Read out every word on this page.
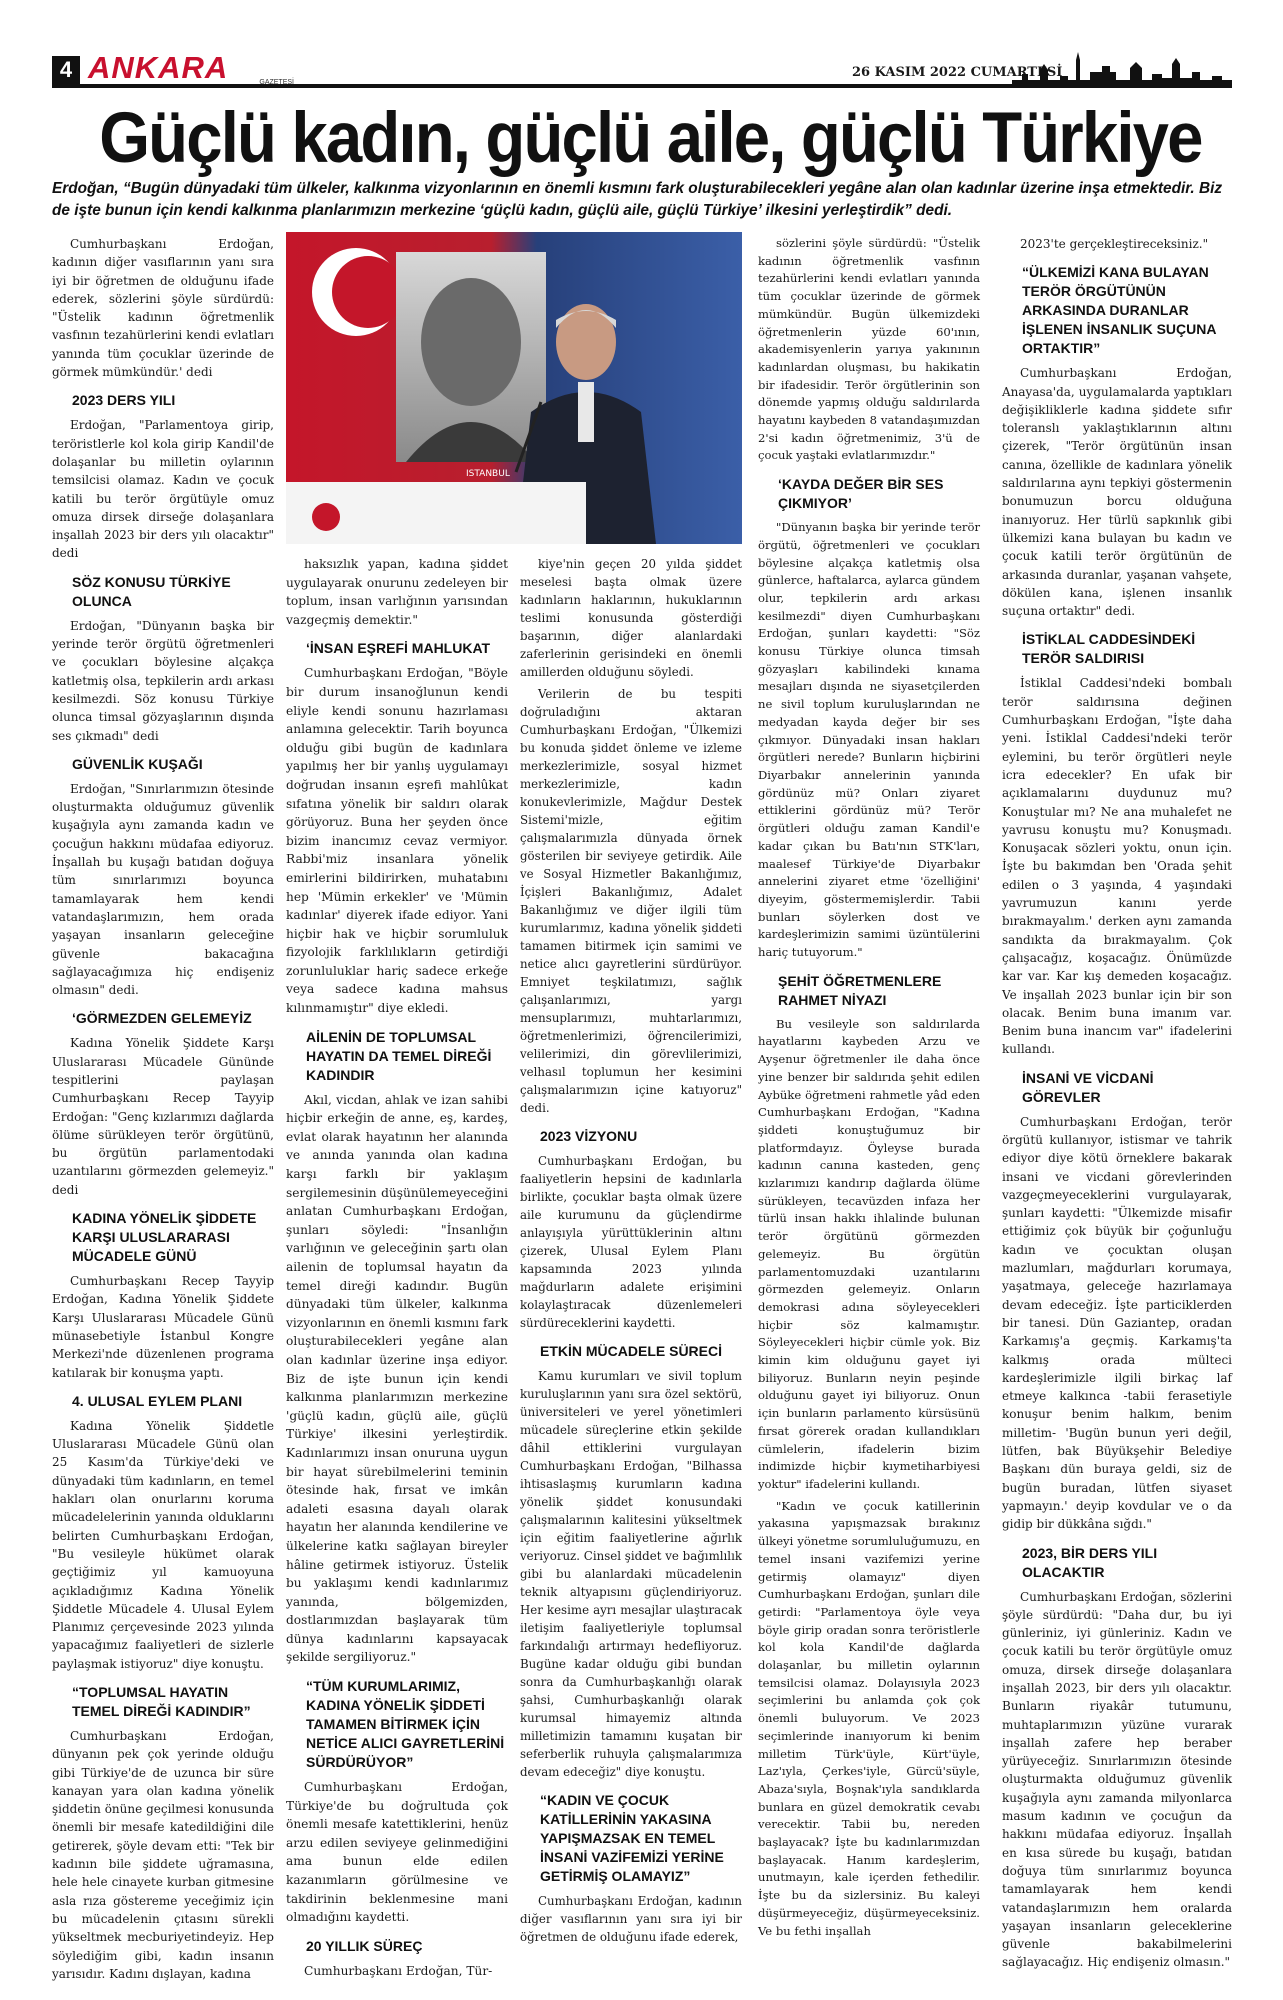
4 ANKARA	GAZETESİ
26 KASIM 2022 CUMARTESİ
Güçlü kadın, güçlü aile, güçlü Türkiye

Erdoğan, “Bugün dünyadaki tüm ülkeler, kalkınma vizyonlarının en önemli kısmını fark oluşturabilecekleri yegâne alan olan kadınlar üzerine inşa etmektedir. Biz de işte bunun için kendi kalkınma planlarımızın merkezine ‘güçlü kadın, güçlü aile, güçlü Türkiye’ ilkesini yerleştirdik” dedi.

ISTANBUL

Cumhurbaşkanı Erdoğan, kadının diğer vasıflarının yanı sıra iyi bir öğretmen de olduğunu ifade ederek, sözlerini şöyle sürdürdü: "Üstelik kadının öğretmenlik vasfının tezahürlerini kendi evlatları yanında tüm çocuklar üzerinde de görmek mümkündür.' dedi

2023 DERS YILI

Erdoğan, "Parlamentoya girip, teröristlerle kol kola girip Kandil'de dolaşanlar bu milletin oylarının temsilcisi olamaz. Kadın ve çocuk katili bu terör örgütüyle omuz omuza dirsek dirseğe dolaşanlara inşallah 2023 bir ders yılı olacaktır" dedi

SÖZ KONUSU TÜRKİYE OLUNCA

Erdoğan, "Dünyanın başka bir yerinde terör örgütü öğretmenleri ve çocukları böylesine alçakça katletmiş olsa, tepkilerin ardı arkası kesilmezdi. Söz konusu Türkiye olunca timsal gözyaşlarının dışında ses çıkmadı" dedi

GÜVENLİK KUŞAĞI

Erdoğan, "Sınırlarımızın ötesinde oluşturmakta olduğumuz güvenlik kuşağıyla aynı zamanda kadın ve çocuğun hakkını müdafaa ediyoruz. İnşallah bu kuşağı batıdan doğuya tüm sınırlarımızı boyunca tamamlayarak hem kendi vatandaşlarımızın, hem orada yaşayan insanların geleceğine güvenle bakacağına sağlayacağımıza hiç endişeniz olmasın" dedi.

‘GÖRMEZDEN GELEMEYİZ

Kadına Yönelik Şiddete Karşı Uluslararası Mücadele Gününde tespitlerini paylaşan Cumhurbaşkanı Recep Tayyip Erdoğan: "Genç kızlarımızı dağlarda ölüme sürükleyen terör örgütünü, bu örgütün parlamentodaki uzantılarını görmezden gelemeyiz." dedi

KADINA YÖNELİK ŞİDDETE KARŞI ULUSLARARASI MÜCADELE GÜNÜ

Cumhurbaşkanı Recep Tayyip Erdoğan, Kadına Yönelik Şiddete Karşı Uluslararası Mücadele Günü münasebetiyle İstanbul Kongre Merkezi'nde düzenlenen programa katılarak bir konuşma yaptı.

4. ULUSAL EYLEM PLANI

Kadına Yönelik Şiddetle Uluslararası Mücadele Günü olan 25 Kasım'da Türkiye'deki ve dünyadaki tüm kadınların, en temel hakları olan onurlarını koruma mücadelelerinin yanında olduklarını belirten Cumhurbaşkanı Erdoğan, "Bu vesileyle hükümet olarak geçtiğimiz yıl kamuoyuna açıkladığımız Kadına Yönelik Şiddetle Mücadele 4. Ulusal Eylem Planımız çerçevesinde 2023 yılında yapacağımız faaliyetleri de sizlerle paylaşmak istiyoruz" diye konuştu.

“TOPLUMSAL HAYATIN TEMEL DİREĞİ KADINDIR”

Cumhurbaşkanı Erdoğan, dünyanın pek çok yerinde olduğu gibi Türkiye'de de uzunca bir süre kanayan yara olan kadına yönelik şiddetin önüne geçilmesi konusunda önemli bir mesafe katedildiğini dile getirerek, şöyle devam etti: "Tek bir kadının bile şiddete uğramasına, hele hele cinayete kurban gitmesine asla rıza göstereme yeceğimiz için bu mücadelenin çıtasını sürekli yükseltmek mecburiyetindeyiz. Hep söylediğim gibi, kadın insanın yarısıdır. Kadını dışlayan, kadına

haksızlık yapan, kadına şiddet uygulayarak onurunu zedeleyen bir toplum, insan varlığının yarısından vazgeçmiş demektir."

‘İNSAN EŞREFİ MAHLUKAT

Cumhurbaşkanı Erdoğan, "Böyle bir durum insanoğlunun kendi eliyle kendi sonunu hazırlaması anlamına gelecektir. Tarih boyunca olduğu gibi bugün de kadınlara yapılmış her bir yanlış uygulamayı doğrudan insanın eşrefi mahlûkat sıfatına yönelik bir saldırı olarak görüyoruz. Buna her şeyden önce bizim inancımız cevaz vermiyor. Rabbi'miz insanlara yönelik emirlerini bildirirken, muhatabını hep 'Mümin erkekler' ve 'Mümin kadınlar' diyerek ifade ediyor. Yani hiçbir hak ve hiçbir sorumluluk fizyolojik farklılıkların getirdiği zorunluluklar hariç sadece erkeğe veya sadece kadına mahsus kılınmamıştır" diye ekledi.

AİLENİN DE TOPLUMSAL HAYATIN DA TEMEL DİREĞİ KADINDIR

Akıl, vicdan, ahlak ve izan sahibi hiçbir erkeğin de anne, eş, kardeş, evlat olarak hayatının her alanında ve anında yanında olan kadına karşı farklı bir yaklaşım sergilemesinin düşünülemeyeceğini anlatan Cumhurbaşkanı Erdoğan, şunları söyledi: "İnsanlığın varlığının ve geleceğinin şartı olan ailenin de toplumsal hayatın da temel direği kadındır. Bugün dünyadaki tüm ülkeler, kalkınma vizyonlarının en önemli kısmını fark oluşturabilecekleri yegâne alan olan kadınlar üzerine inşa ediyor. Biz de işte bunun için kendi kalkınma planlarımızın merkezine 'güçlü kadın, güçlü aile, güçlü Türkiye' ilkesini yerleştirdik. Kadınlarımızı insan onuruna uygun bir hayat sürebilmelerini teminin ötesinde hak, fırsat ve imkân adaleti esasına dayalı olarak hayatın her alanında kendilerine ve ülkelerine katkı sağlayan bireyler hâline getirmek istiyoruz. Üstelik bu yaklaşımı kendi kadınlarımız yanında, bölgemizden, dostlarımızdan başlayarak tüm dünya kadınlarını kapsayacak şekilde sergiliyoruz."

“TÜM KURUMLARIMIZ, KADINA YÖNELİK ŞİDDETİ TAMAMEN BİTİRMEK İÇİN NETİCE ALICI GAYRETLERİNİ SÜRDÜRÜYOR”

Cumhurbaşkanı Erdoğan, Türkiye'de bu doğrultuda çok önemli mesafe katettiklerini, henüz arzu edilen seviyeye gelinmediğini ama bunun elde edilen kazanımların görülmesine ve takdirinin beklenmesine mani olmadığını kaydetti.

20 YILLIK SÜREÇ

Cumhurbaşkanı Erdoğan, Tür-

kiye'nin geçen 20 yılda şiddet meselesi başta olmak üzere kadınların haklarının, hukuklarının teslimi konusunda gösterdiği başarının, diğer alanlardaki zaferlerinin gerisindeki en önemli amillerden olduğunu söyledi.

Verilerin de bu tespiti doğruladığını aktaran Cumhurbaşkanı Erdoğan, "Ülkemizi bu konuda şiddet önleme ve izleme merkezlerimizle, sosyal hizmet merkezlerimizle, kadın konukevlerimizle, Mağdur Destek Sistemi'mizle, eğitim çalışmalarımızla dünyada örnek gösterilen bir seviyeye getirdik. Aile ve Sosyal Hizmetler Bakanlığımız, İçişleri Bakanlığımız, Adalet Bakanlığımız ve diğer ilgili tüm kurumlarımız, kadına yönelik şiddeti tamamen bitirmek için samimi ve netice alıcı gayretlerini sürdürüyor. Emniyet teşkilatımızı, sağlık çalışanlarımızı, yargı mensuplarımızı, muhtarlarımızı, öğretmenlerimizi, öğrencilerimizi, velilerimizi, din görevlilerimizi, velhasıl toplumun her kesimini çalışmalarımızın içine katıyoruz" dedi.

2023 VİZYONU

Cumhurbaşkanı Erdoğan, bu faaliyetlerin hepsini de kadınlarla birlikte, çocuklar başta olmak üzere aile kurumunu da güçlendirme anlayışıyla yürüttüklerinin altını çizerek, Ulusal Eylem Planı kapsamında 2023 yılında mağdurların adalete erişimini kolaylaştıracak düzenlemeleri sürdüreceklerini kaydetti.

ETKİN MÜCADELE SÜRECİ

Kamu kurumları ve sivil toplum kuruluşlarının yanı sıra özel sektörü, üniversiteleri ve yerel yönetimleri mücadele süreçlerine etkin şekilde dâhil ettiklerini vurgulayan Cumhurbaşkanı Erdoğan, "Bilhassa ihtisaslaşmış kurumların kadına yönelik şiddet konusundaki çalışmalarının kalitesini yükseltmek için eğitim faaliyetlerine ağırlık veriyoruz. Cinsel şiddet ve bağımlılık gibi bu alanlardaki mücadelenin teknik altyapısını güçlendiriyoruz. Her kesime ayrı mesajlar ulaştıracak iletişim faaliyetleriyle toplumsal farkındalığı artırmayı hedefliyoruz. Bugüne kadar olduğu gibi bundan sonra da Cumhurbaşkanlığı olarak şahsi, Cumhurbaşkanlığı olarak kurumsal himayemiz altında milletimizin tamamını kuşatan bir seferberlik ruhuyla çalışmalarımıza devam edeceğiz" diye konuştu.

“KADIN VE ÇOCUK KATİLLERİNİN YAKASINA YAPIŞMAZSAK EN TEMEL İNSANİ VAZİFEMİZİ YERİNE GETİRMİŞ OLAMAYIZ”

Cumhurbaşkanı Erdoğan, kadının diğer vasıflarının yanı sıra iyi bir öğretmen de olduğunu ifade ederek,

sözlerini şöyle sürdürdü: "Üstelik kadının öğretmenlik vasfının tezahürlerini kendi evlatları yanında tüm çocuklar üzerinde de görmek mümkündür. Bugün ülkemizdeki öğretmenlerin yüzde 60'ının, akademisyenlerin yarıya yakınının kadınlardan oluşması, bu hakikatin bir ifadesidir. Terör örgütlerinin son dönemde yapmış olduğu saldırılarda hayatını kaybeden 8 vatandaşımızdan 2'si kadın öğretmenimiz, 3'ü de çocuk yaştaki evlatlarımızdır."

‘KAYDA DEĞER BİR SES ÇIKMIYOR’

"Dünyanın başka bir yerinde terör örgütü, öğretmenleri ve çocukları böylesine alçakça katletmiş olsa günlerce, haftalarca, aylarca gündem olur, tepkilerin ardı arkası kesilmezdi" diyen Cumhurbaşkanı Erdoğan, şunları kaydetti: "Söz konusu Türkiye olunca timsah gözyaşları kabilindeki kınama mesajları dışında ne siyasetçilerden ne sivil toplum kuruluşlarından ne medyadan kayda değer bir ses çıkmıyor. Dünyadaki insan hakları örgütleri nerede? Bunların hiçbirini Diyarbakır annelerinin yanında gördünüz mü? Onları ziyaret ettiklerini gördünüz mü? Terör örgütleri olduğu zaman Kandil'e kadar çıkan bu Batı'nın STK'ları, maalesef Türkiye'de Diyarbakır annelerini ziyaret etme 'özelliğini' diyeyim, göstermemişlerdir. Tabii bunları söylerken dost ve kardeşlerimizin samimi üzüntülerini hariç tutuyorum."

ŞEHİT ÖĞRETMENLERE RAHMET NİYAZI

Bu vesileyle son saldırılarda hayatlarını kaybeden Arzu ve Ayşenur öğretmenler ile daha önce yine benzer bir saldırıda şehit edilen Aybüke öğretmeni rahmetle yâd eden Cumhurbaşkanı Erdoğan, "Kadına şiddeti konuştuğumuz bir platformdayız. Öyleyse burada kadının canına kasteden, genç kızlarımızı kandırıp dağlarda ölüme sürükleyen, tecavüzden infaza her türlü insan hakkı ihlalinde bulunan terör örgütünü görmezden gelemeyiz. Bu örgütün parlamentomuzdaki uzantılarını görmezden gelemeyiz. Onların demokrasi adına söyleyecekleri hiçbir söz kalmamıştır. Söyleyecekleri hiçbir cümle yok. Biz kimin kim olduğunu gayet iyi biliyoruz. Bunların neyin peşinde olduğunu gayet iyi biliyoruz. Onun için bunların parlamento kürsüsünü fırsat görerek oradan kullandıkları cümlelerin, ifadelerin bizim indimizde hiçbir kıymetiharbiyesi yoktur" ifadelerini kullandı.

"Kadın ve çocuk katillerinin yakasına yapışmazsak bırakınız ülkeyi yönetme sorumluluğumuzu, en temel insani vazifemizi yerine getirmiş olamayız" diyen Cumhurbaşkanı Erdoğan, şunları dile getirdi: "Parlamentoya öyle veya böyle girip oradan sonra teröristlerle kol kola Kandil'de dağlarda dolaşanlar, bu milletin oylarının temsilcisi olamaz. Dolayısıyla 2023 seçimlerini bu anlamda çok çok önemli buluyorum. Ve 2023 seçimlerinde inanıyorum ki benim milletim Türk'üyle, Kürt'üyle, Laz'ıyla, Çerkes'iyle, Gürcü'süyle, Abaza'sıyla, Boşnak'ıyla sandıklarda bunlara en güzel demokratik cevabı verecektir. Tabii bu, nereden başlayacak? İşte bu kadınlarımızdan başlayacak. Hanım kardeşlerim, unutmayın, kale içerden fethedilir. İşte bu da sizlersiniz. Bu kaleyi düşürmeyeceğiz, düşürmeyeceksiniz. Ve bu fethi inşallah

2023'te gerçekleştireceksiniz."

“ÜLKEMİZİ KANA BULAYAN TERÖR ÖRGÜTÜNÜN ARKASINDA DURANLAR İŞLENEN İNSANLIK SUÇUNA ORTAKTIR”

Cumhurbaşkanı Erdoğan, Anayasa'da, uygulamalarda yaptıkları değişikliklerle kadına şiddete sıfır toleranslı yaklaştıklarının altını çizerek, "Terör örgütünün insan canına, özellikle de kadınlara yönelik saldırılarına aynı tepkiyi göstermenin bonumuzun borcu olduğuna inanıyoruz. Her türlü sapkınlık gibi ülkemizi kana bulayan bu kadın ve çocuk katili terör örgütünün de arkasında duranlar, yaşanan vahşete, dökülen kana, işlenen insanlık suçuna ortaktır" dedi.

İSTİKLAL CADDESİNDEKİ TERÖR SALDIRISI

İstiklal Caddesi'ndeki bombalı terör saldırısına değinen Cumhurbaşkanı Erdoğan, "İşte daha yeni. İstiklal Caddesi'ndeki terör eylemini, bu terör örgütleri neyle icra edecekler? En ufak bir açıklamalarını duydunuz mu? Konuştular mı? Ne ana muhalefet ne yavrusu konuştu mu? Konuşmadı. Konuşacak sözleri yoktu, onun için. İşte bu bakımdan ben 'Orada şehit edilen o 3 yaşında, 4 yaşındaki yavrumuzun kanını yerde bırakmayalım.' derken aynı zamanda sandıkta da bırakmayalım. Çok çalışacağız, koşacağız. Önümüzde kar var. Kar kış demeden koşacağız. Ve inşallah 2023 bunlar için bir son olacak. Benim buna imanım var. Benim buna inancım var" ifadelerini kullandı.

İNSANİ VE VİCDANİ GÖREVLER

Cumhurbaşkanı Erdoğan, terör örgütü kullanıyor, istismar ve tahrik ediyor diye kötü örneklere bakarak insani ve vicdani görevlerinden vazgeçmeyeceklerini vurgulayarak, şunları kaydetti: "Ülkemizde misafir ettiğimiz çok büyük bir çoğunluğu kadın ve çocuktan oluşan mazlumları, mağdurları korumaya, yaşatmaya, geleceğe hazırlamaya devam edeceğiz. İşte particiklerden bir tanesi. Dün Gaziantep, oradan Karkamış'a geçmiş. Karkamış'ta kalkmış orada mülteci kardeşlerimizle ilgili birkaç laf etmeye kalkınca -tabii ferasetiyle konuşur benim halkım, benim milletim- 'Bugün bunun yeri değil, lütfen, bak Büyükşehir Belediye Başkanı dün buraya geldi, siz de bugün buradan, lütfen siyaset yapmayın.' deyip kovdular ve o da gidip bir dükkâna sığdı."

2023, BİR DERS YILI OLACAKTIR

Cumhurbaşkanı Erdoğan, sözlerini şöyle sürdürdü: "Daha dur, bu iyi günleriniz, iyi günleriniz. Kadın ve çocuk katili bu terör örgütüyle omuz omuza, dirsek dirseğe dolaşanlara inşallah 2023, bir ders yılı olacaktır. Bunların riyakâr tutumunu, muhtaplarımızın yüzüne vurarak inşallah zafere hep beraber yürüyeceğiz. Sınırlarımızın ötesinde oluşturmakta olduğumuz güvenlik kuşağıyla aynı zamanda milyonlarca masum kadının ve çocuğun da hakkını müdafaa ediyoruz. İnşallah en kısa sürede bu kuşağı, batıdan doğuya tüm sınırlarımız boyunca tamamlayarak hem kendi vatandaşlarımızın hem oralarda yaşayan insanların geleceklerine güvenle bakabilmelerini sağlayacağız. Hiç endişeniz olmasın."
